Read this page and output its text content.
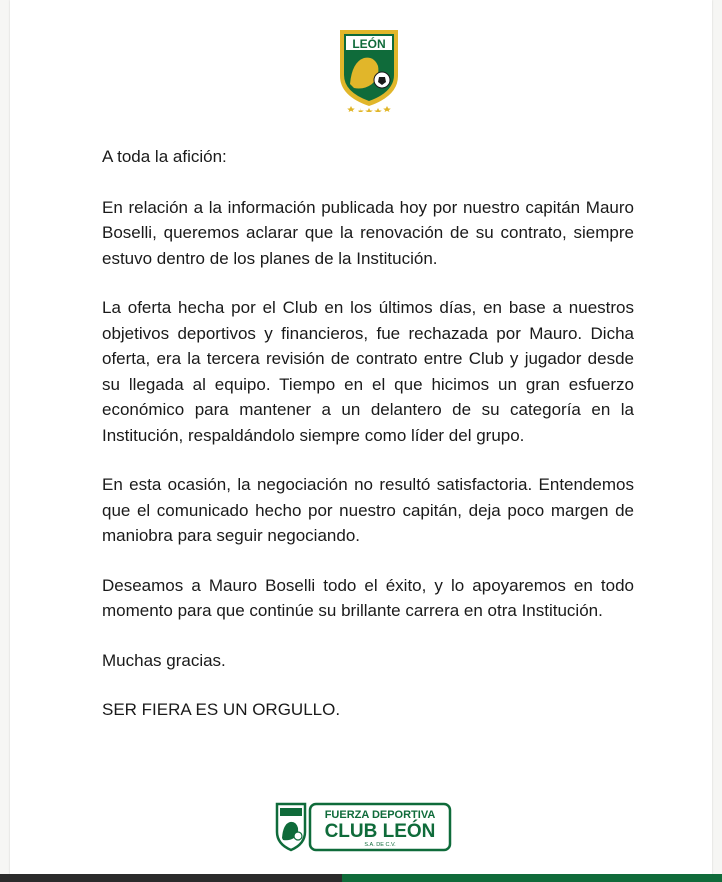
LEÓN

A toda la afición:

En relación a la información publicada hoy por nuestro capitán Mauro Boselli, queremos aclarar que la renovación de su contrato, siempre estuvo dentro de los planes de la Institución.

La oferta hecha por el Club en los últimos días, en base a nuestros objetivos deportivos y financieros, fue rechazada por Mauro. Dicha oferta, era la tercera revisión de contrato entre Club y jugador desde su llegada al equipo. Tiempo en el que hicimos un gran esfuerzo económico para mantener a un delantero de su categoría en la Institución, respaldándolo siempre como líder del grupo.

En esta ocasión, la negociación no resultó satisfactoria. Entendemos que el comunicado hecho por nuestro capitán, deja poco margen de maniobra para seguir negociando.

Deseamos a Mauro Boselli todo el éxito, y lo apoyaremos en todo momento para que continúe su brillante carrera en otra Institución.

Muchas gracias.

SER FIERA ES UN ORGULLO.

FUERZA DEPORTIVA
CLUB LEÓN
S.A. DE C.V.
